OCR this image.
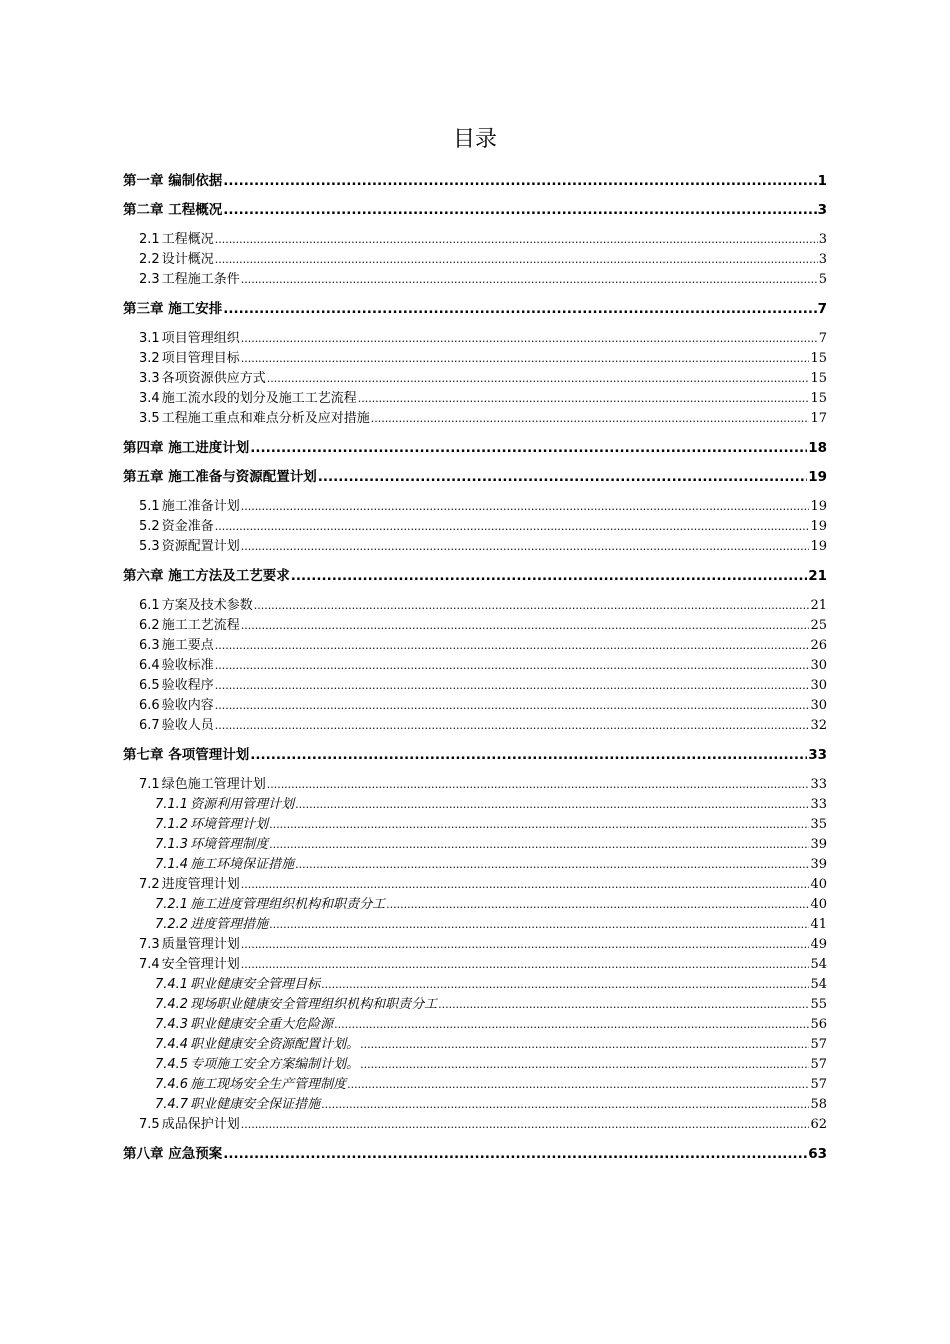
目录
第一章 编制依据 .....	1
第二章 工程概况 .....	3
2.1 工程概况 .....	3
2.2 设计概况 .....	3
2.3 工程施工条件 .....	5
第三章 施工安排 .....	7
3.1 项目管理组织 .....	7
3.2 项目管理目标 .....	15
3.3 各项资源供应方式 .....	15
3.4 施工流水段的划分及施工工艺流程 .....	15
3.5 工程施工重点和难点分析及应对措施 .....	17
第四章 施工进度计划 .....	18
第五章 施工准备与资源配置计划 .....	19
5.1 施工准备计划 .....	19
5.2 资金准备 .....	19
5.3 资源配置计划 .....	19
第六章 施工方法及工艺要求 .....	21
6.1 方案及技术参数 .....	21
6.2 施工工艺流程 .....	25
6.3 施工要点 .....	26
6.4 验收标准 .....	30
6.5 验收程序 .....	30
6.6 验收内容 .....	30
6.7 验收人员 .....	32
第七章 各项管理计划 .....	33
7.1 绿色施工管理计划 .....	33
7.1.1 资源利用管理计划 .....	33
7.1.2 环境管理计划 .....	35
7.1.3 环境管理制度 .....	39
7.1.4 施工环境保证措施 .....	39
7.2 进度管理计划 .....	40
7.2.1 施工进度管理组织机构和职责分工 .....	40
7.2.2 进度管理措施 .....	41
7.3 质量管理计划 .....	49
7.4 安全管理计划 .....	54
7.4.1 职业健康安全管理目标 .....	54
7.4.2 现场职业健康安全管理组织机构和职责分工 .....	55
7.4.3 职业健康安全重大危险源 .....	56
7.4.4 职业健康安全资源配置计划。 .....	57
7.4.5 专项施工安全方案编制计划。 .....	57
7.4.6 施工现场安全生产管理制度 .....	57
7.4.7 职业健康安全保证措施 .....	58
7.5 成品保护计划 .....	62
第八章 应急预案 .....	63
